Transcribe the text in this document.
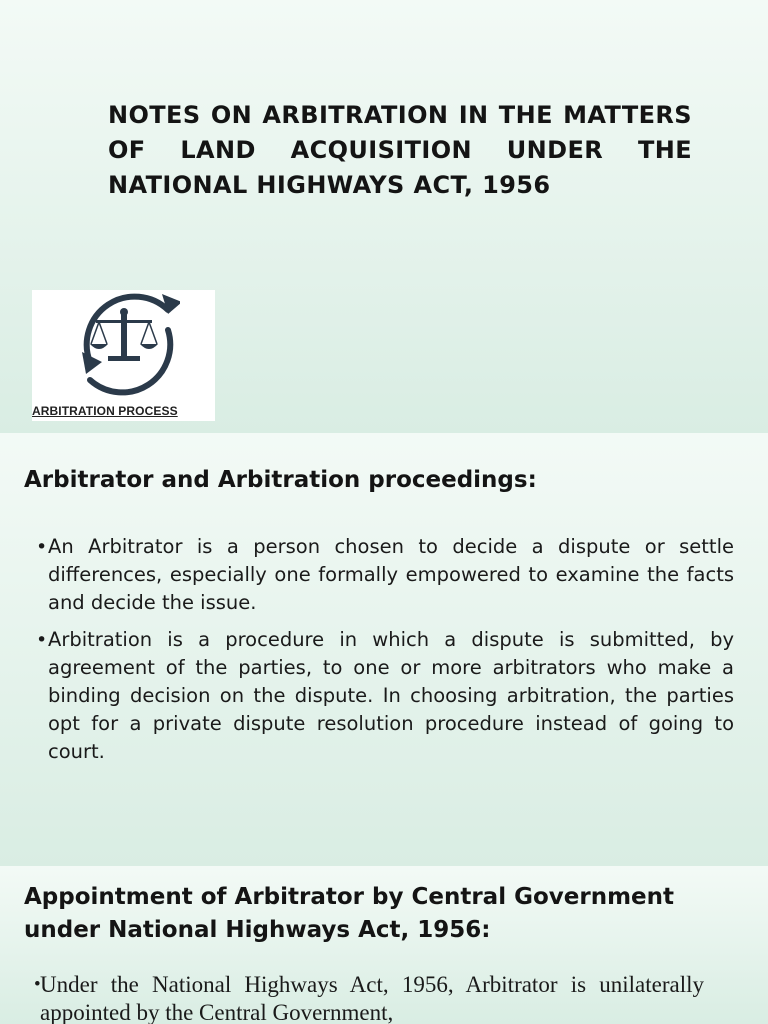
NOTES ON ARBITRATION IN THE MATTERS OF LAND ACQUISITION UNDER THE NATIONAL HIGHWAYS ACT, 1956
ARBITRATION PROCESS
Arbitrator and Arbitration proceedings:
• An Arbitrator is a person chosen to decide a dispute or settle differences, especially one formally empowered to examine the facts and decide the issue.
• Arbitration is a procedure in which a dispute is submitted, by agreement of the parties, to one or more arbitrators who make a binding decision on the dispute. In choosing arbitration, the parties opt for a private dispute resolution procedure instead of going to court.
Appointment of Arbitrator by Central Government under National Highways Act, 1956:
• Under the National Highways Act, 1956, Arbitrator is unilaterally appointed by the Central Government,
